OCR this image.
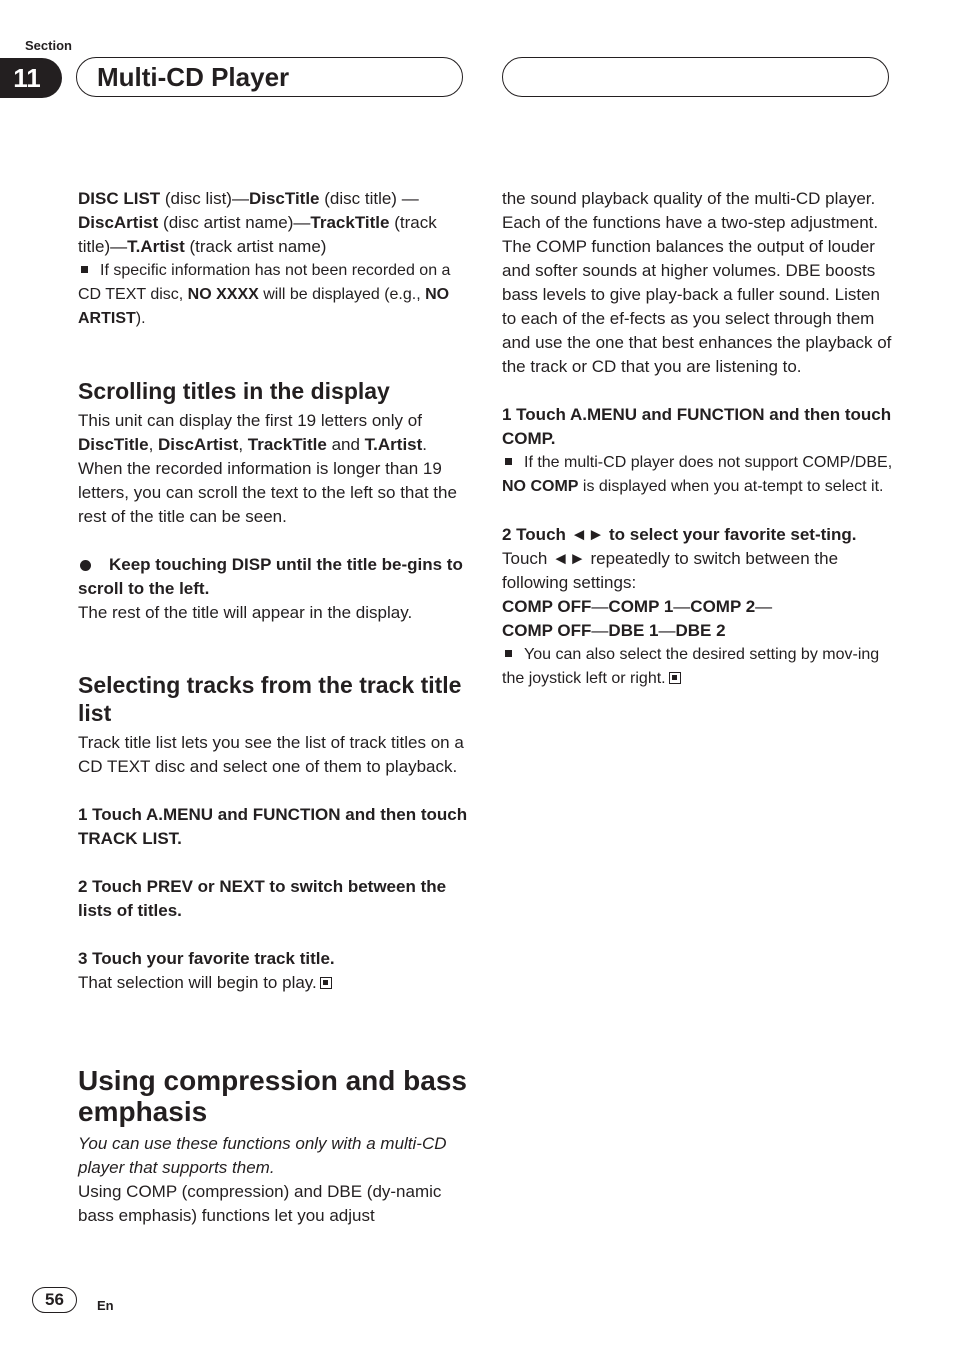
Section
11	Multi-CD Player

DISC LIST (disc list)—DiscTitle (disc title) —DiscArtist (disc artist name)—TrackTitle (track title)—T.Artist (track artist name)

If specific information has not been recorded on a CD TEXT disc, NO XXXX will be displayed (e.g., NO ARTIST).

Scrolling titles in the display

This unit can display the first 19 letters only of DiscTitle, DiscArtist, TrackTitle and T.Artist. When the recorded information is longer than 19 letters, you can scroll the text to the left so that the rest of the title can be seen.

Keep touching DISP until the title be-gins to scroll to the left.

The rest of the title will appear in the display.

Selecting tracks from the track title list

Track title list lets you see the list of track titles on a CD TEXT disc and select one of them to playback.

1 Touch A.MENU and FUNCTION and then touch TRACK LIST.

2 Touch PREV or NEXT to switch between the lists of titles.

3 Touch your favorite track title.

That selection will begin to play.

Using compression and bass emphasis

You can use these functions only with a multi-CD player that supports them.

Using COMP (compression) and DBE (dy-namic bass emphasis) functions let you adjust

the sound playback quality of the multi-CD player. Each of the functions have a two-step adjustment. The COMP function balances the output of louder and softer sounds at higher volumes. DBE boosts bass levels to give play-back a fuller sound. Listen to each of the ef-fects as you select through them and use the one that best enhances the playback of the track or CD that you are listening to.

1 Touch A.MENU and FUNCTION and then touch COMP.

If the multi-CD player does not support COMP/DBE, NO COMP is displayed when you at-tempt to select it.

2 Touch ◄► to select your favorite set-ting.

Touch ◄► repeatedly to switch between the following settings:

COMP OFF—COMP 1—COMP 2—
COMP OFF—DBE 1—DBE 2

You can also select the desired setting by mov-ing the joystick left or right.

56	En
